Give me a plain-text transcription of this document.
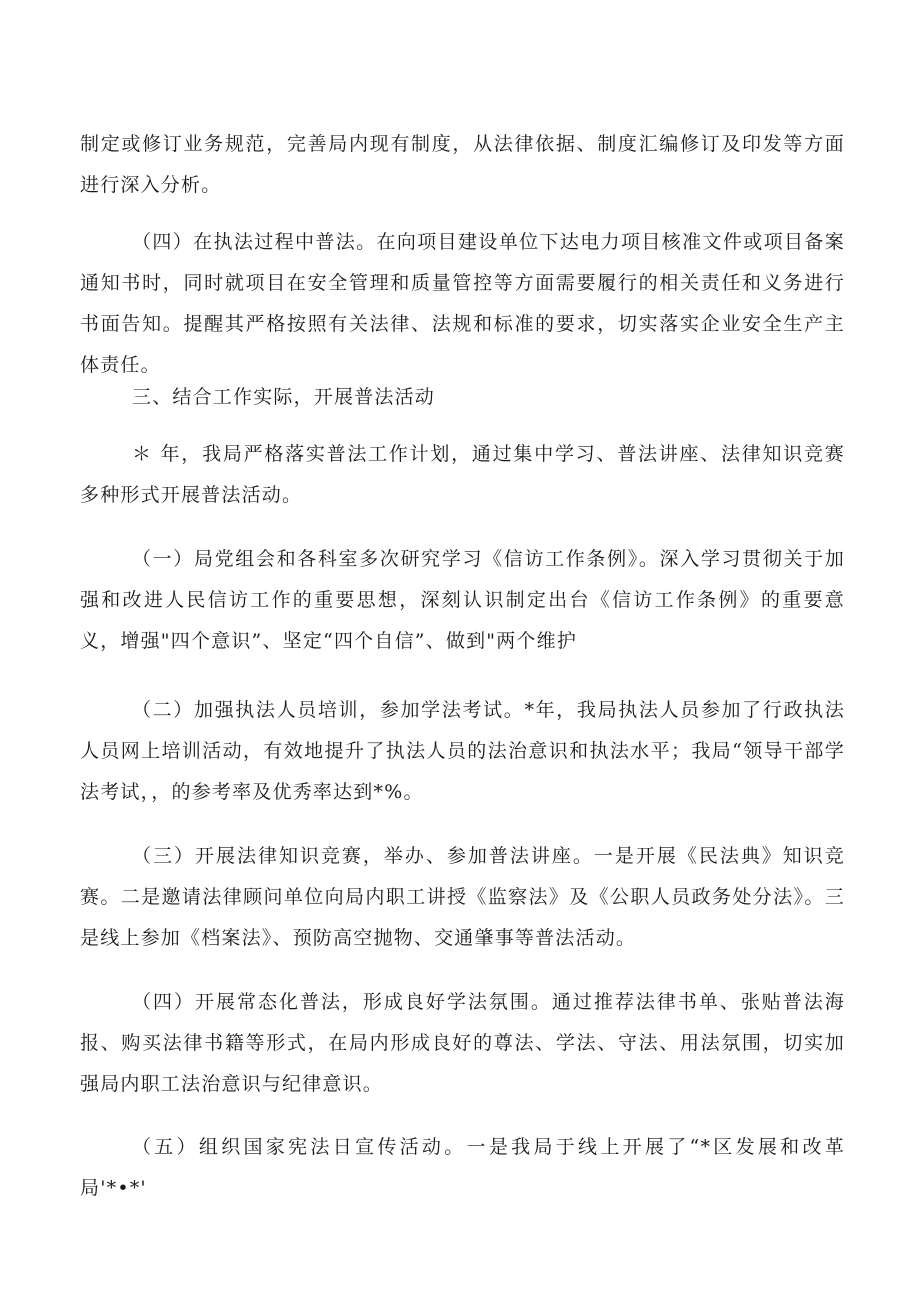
制定或修订业务规范，完善局内现有制度，从法律依据、制度汇编修订及印发等方面进行深入分析。

（四）在执法过程中普法。在向项目建设单位下达电力项目核准文件或项目备案通知书时，同时就项目在安全管理和质量管控等方面需要履行的相关责任和义务进行书面告知。提醒其严格按照有关法律、法规和标准的要求，切实落实企业安全生产主体责任。

三、结合工作实际，开展普法活动

＊ 年，我局严格落实普法工作计划，通过集中学习、普法讲座、法律知识竞赛多种形式开展普法活动。

（一）局党组会和各科室多次研究学习《信访工作条例》。深入学习贯彻关于加强和改进人民信访工作的重要思想，深刻认识制定出台《信访工作条例》的重要意义，增强"四个意识”、坚定“四个自信”、做到"两个维护

（二）加强执法人员培训，参加学法考试。*年，我局执法人员参加了行政执法人员网上培训活动，有效地提升了执法人员的法治意识和执法水平；我局“领导干部学法考试，，的参考率及优秀率达到*%。

（三）开展法律知识竞赛，举办、参加普法讲座。一是开展《民法典》知识竞赛。二是邀请法律顾问单位向局内职工讲授《监察法》及《公职人员政务处分法》。三是线上参加《档案法》、预防高空抛物、交通肇事等普法活动。

（四）开展常态化普法，形成良好学法氛围。通过推荐法律书单、张贴普法海报、购买法律书籍等形式，在局内形成良好的尊法、学法、守法、用法氛围，切实加强局内职工法治意识与纪律意识。

（五）组织国家宪法日宣传活动。一是我局于线上开展了“*区发展和改革局'*•*'
